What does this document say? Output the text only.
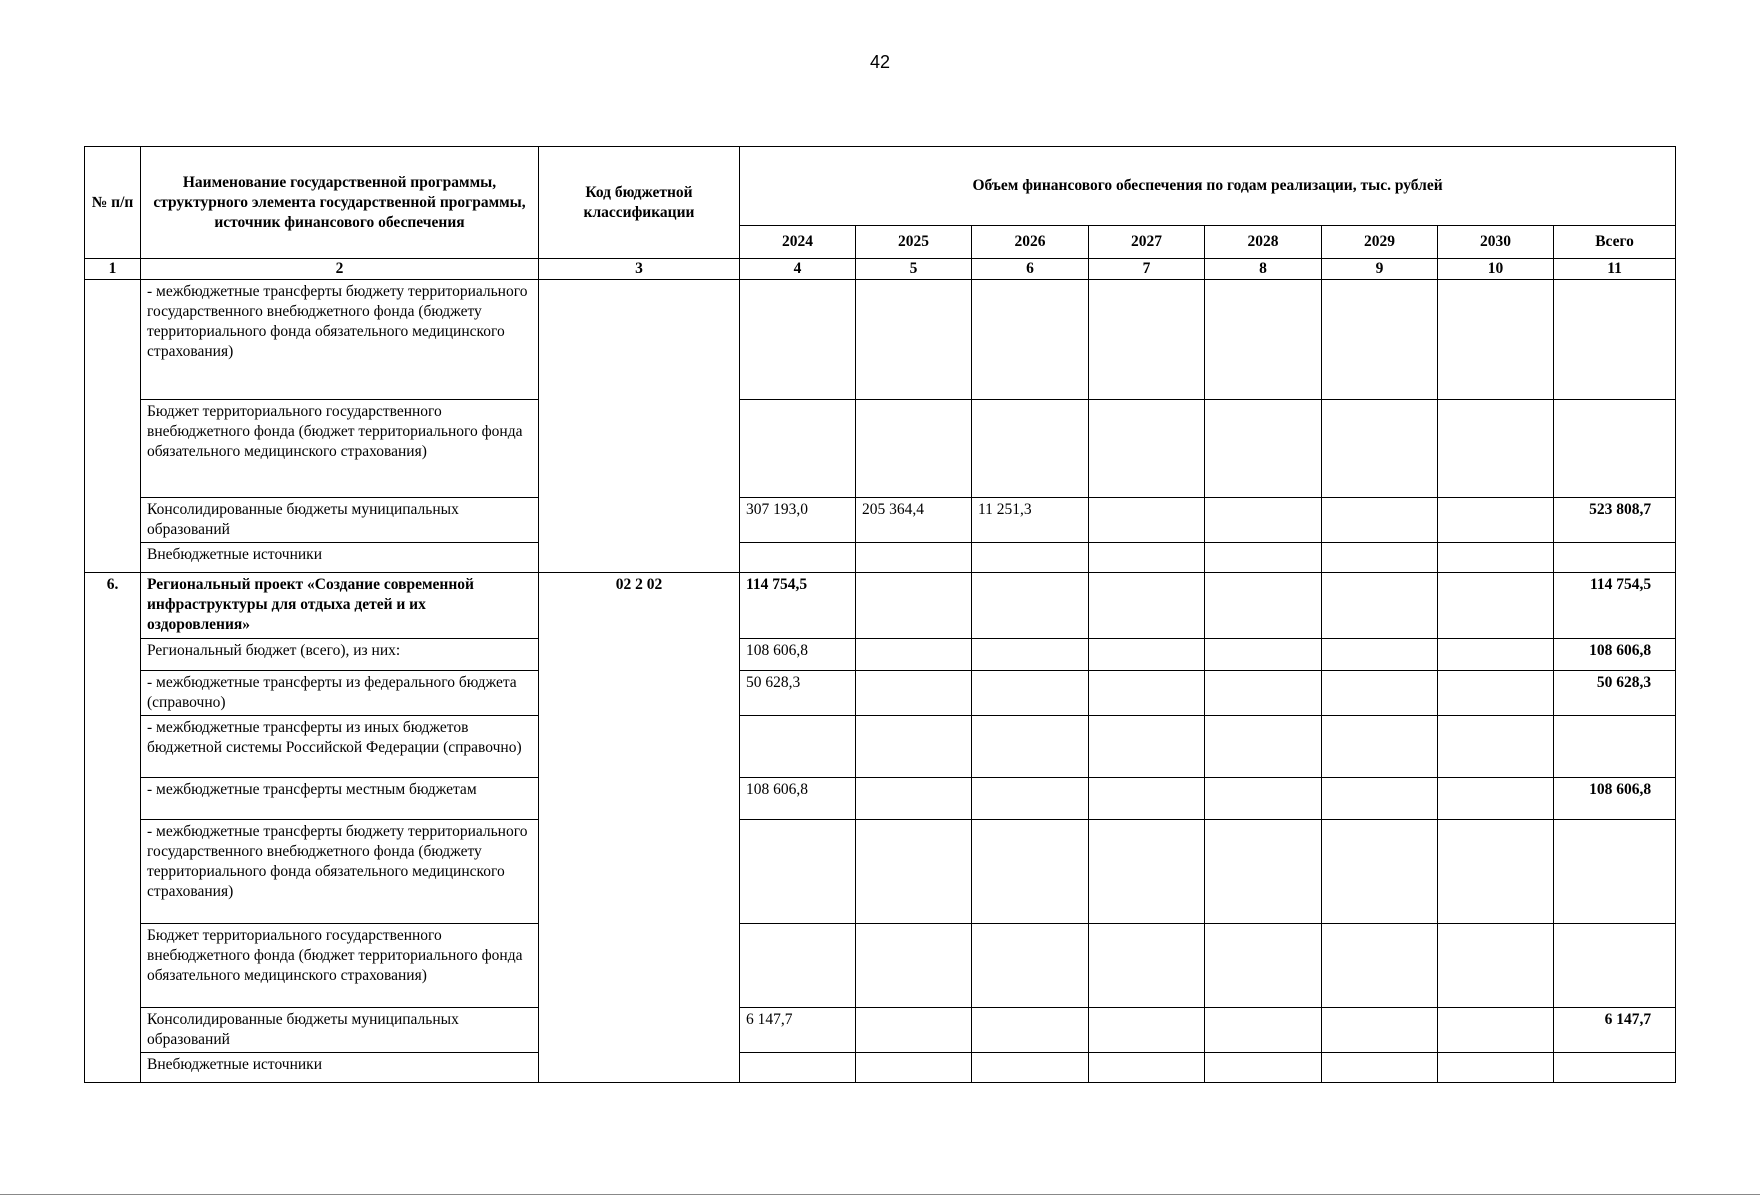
42
№ п/п	Наименование государственной программы, структурного элемента государственной программы, источник финансового обеспечения	Код бюджетной классификации	Объем финансового обеспечения по годам реализации, тыс. рублей							
			2024	2025	2026	2027	2028	2029	2030	Всего
1	2	3	4	5	6	7	8	9	10	11
	- межбюджетные трансферты бюджету территориального государственного внебюджетного фонда (бюджету территориального фонда обязательного медицинского страхования)									
	Бюджет территориального государственного внебюджетного фонда (бюджет территориального фонда обязательного медицинского страхования)									
	Консолидированные бюджеты муниципальных образований		307 193,0	205 364,4	11 251,3					523 808,7
	Внебюджетные источники									
6.	Региональный проект «Создание современной инфраструктуры для отдыха детей и их оздоровления»	02 2 02	114 754,5							114 754,5
	Региональный бюджет (всего), из них:		108 606,8							108 606,8
	- межбюджетные трансферты из федерального бюджета (справочно)		50 628,3							50 628,3
	- межбюджетные трансферты из иных бюджетов бюджетной системы Российской Федерации (справочно)									
	- межбюджетные трансферты местным бюджетам		108 606,8							108 606,8
	- межбюджетные трансферты бюджету территориального государственного внебюджетного фонда (бюджету территориального фонда обязательного медицинского страхования)									
	Бюджет территориального государственного внебюджетного фонда (бюджет территориального фонда обязательного медицинского страхования)									
	Консолидированные бюджеты муниципальных образований		6 147,7							6 147,7
	Внебюджетные источники									
